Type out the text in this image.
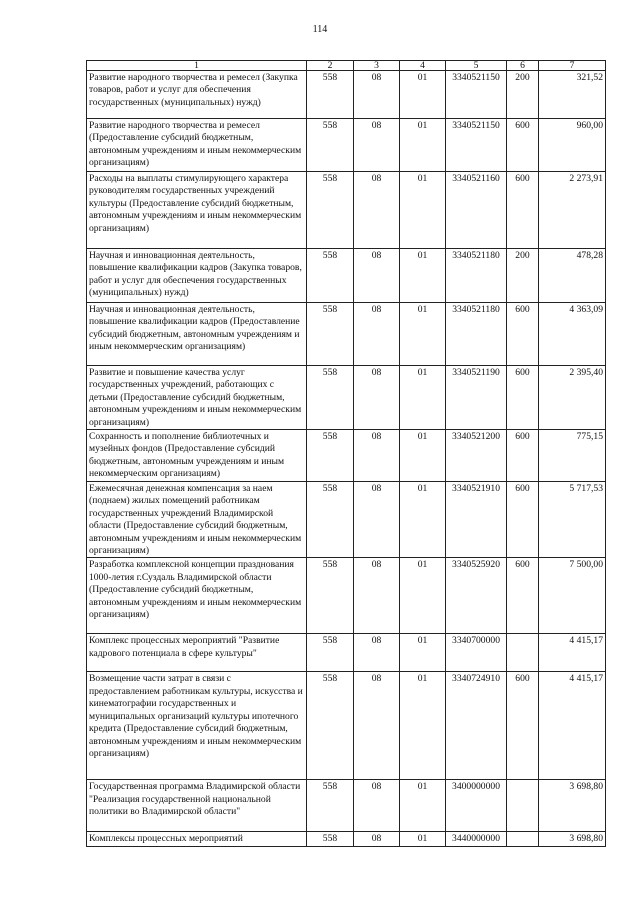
114
1	2	3	4	5	6	7
Развитие народного творчества и ремесел (Закупка товаров, работ и услуг для обеспечения государственных (муниципальных) нужд)	558	08	01	3340521150	200	321,52
Развитие народного творчества и ремесел (Предоставление субсидий бюджетным, автономным учреждениям и иным некоммерческим организациям)	558	08	01	3340521150	600	960,00
Расходы на выплаты стимулирующего характера руководителям государственных учреждений культуры (Предоставление субсидий бюджетным, автономным учреждениям и иным некоммерческим организациям)	558	08	01	3340521160	600	2 273,91
Научная и инновационная деятельность, повышение квалификации кадров (Закупка товаров, работ и услуг для обеспечения государственных (муниципальных) нужд)	558	08	01	3340521180	200	478,28
Научная и инновационная деятельность, повышение квалификации кадров (Предоставление субсидий бюджетным, автономным учреждениям и иным некоммерческим организациям)	558	08	01	3340521180	600	4 363,09
Развитие и повышение качества услуг государственных учреждений, работающих с детьми (Предоставление субсидий бюджетным, автономным учреждениям и иным некоммерческим организациям)	558	08	01	3340521190	600	2 395,40
Сохранность и пополнение библиотечных и музейных фондов (Предоставление субсидий бюджетным, автономным учреждениям и иным некоммерческим организациям)	558	08	01	3340521200	600	775,15
Ежемесячная денежная компенсация за наем (поднаем) жилых помещений работникам государственных учреждений Владимирской области (Предоставление субсидий бюджетным, автономным учреждениям и иным некоммерческим организациям)	558	08	01	3340521910	600	5 717,53
Разработка комплексной концепции празднования 1000-летия г.Суздаль Владимирской области (Предоставление субсидий бюджетным, автономным учреждениям и иным некоммерческим организациям)	558	08	01	3340525920	600	7 500,00
Комплекс процессных мероприятий "Развитие кадрового потенциала в сфере культуры"	558	08	01	3340700000		4 415,17
Возмещение части затрат в связи с предоставлением работникам культуры, искусства и кинематографии государственных и муниципальных организаций культуры ипотечного кредита (Предоставление субсидий бюджетным, автономным учреждениям и иным некоммерческим организациям)	558	08	01	3340724910	600	4 415,17
Государственная программа Владимирской области "Реализация государственной национальной политики во Владимирской области"	558	08	01	3400000000		3 698,80
Комплексы процессных мероприятий	558	08	01	3440000000		3 698,80
